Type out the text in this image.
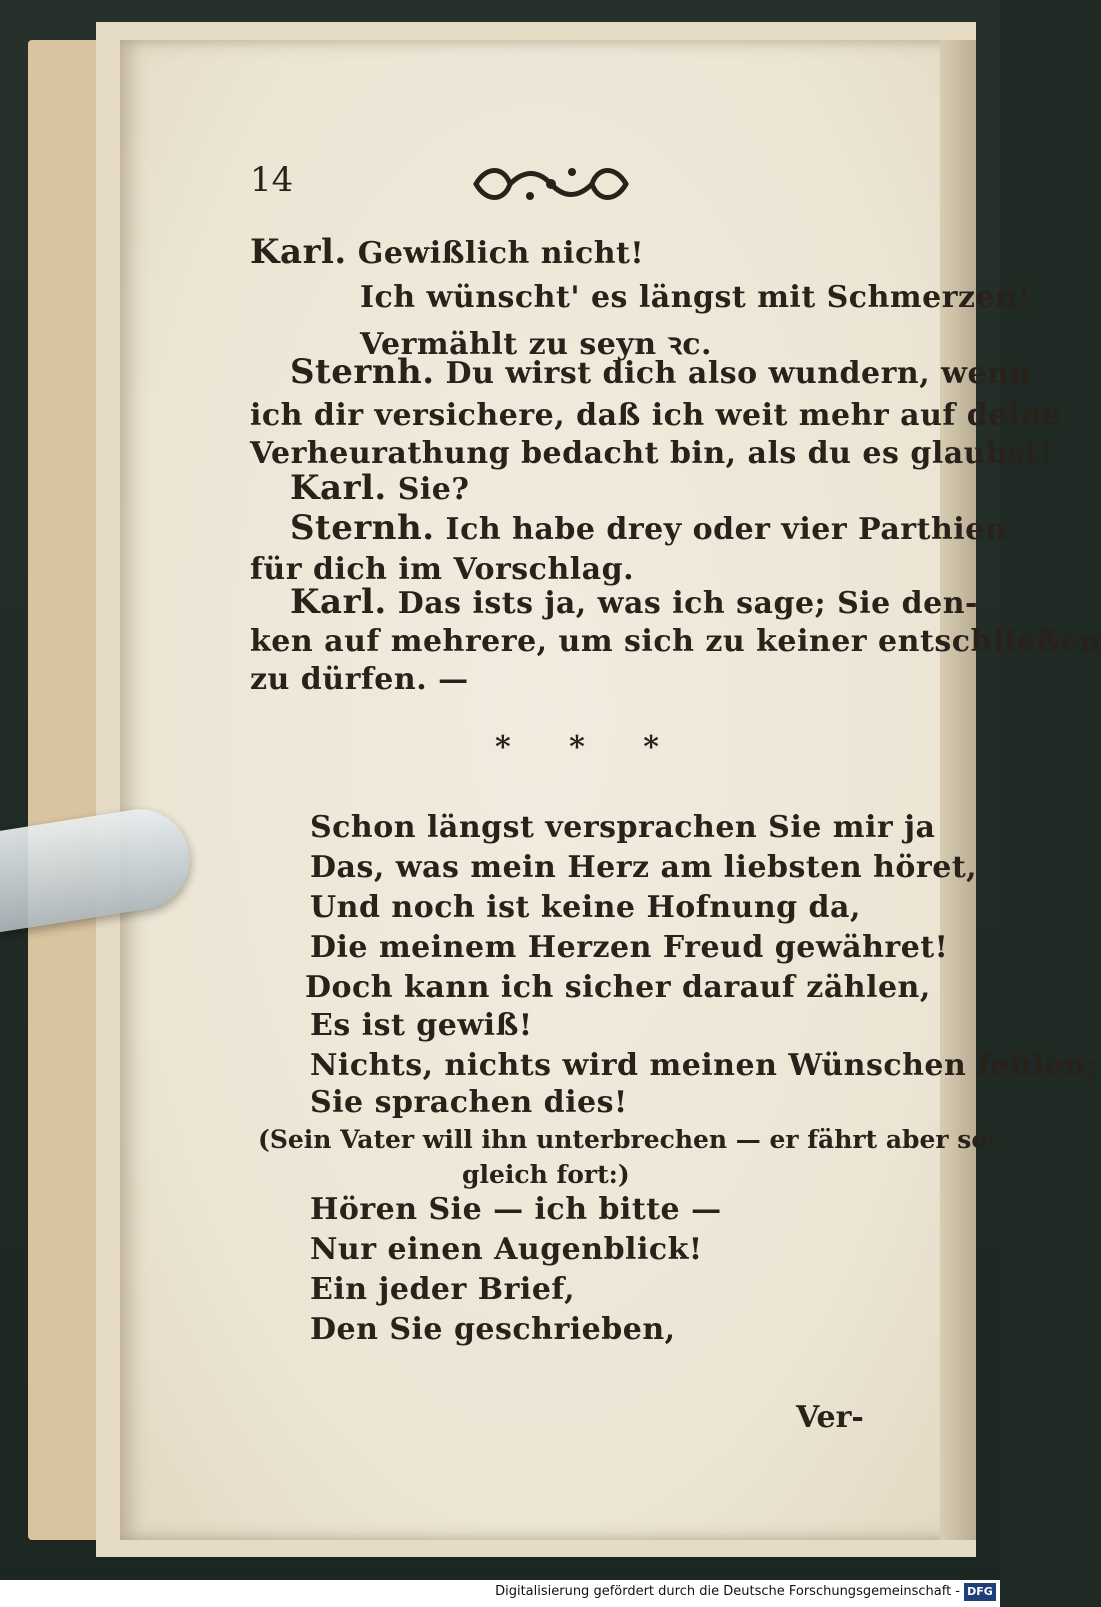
14
Karl. Gewißlich nicht!
Ich wünscht' es längst mit Schmerzen!
Vermählt zu seyn ꝛc.
Sternh. Du wirst dich also wundern, wenn
ich dir versichere, daß ich weit mehr auf deine
Verheurathung bedacht bin, als du es glaubst!
Karl. Sie?
Sternh. Ich habe drey oder vier Parthien
für dich im Vorschlag.
Karl. Das ists ja, was ich sage; Sie den-
ken auf mehrere, um sich zu keiner entschließen
zu dürfen. —
* * *
Schon längst versprachen Sie mir ja
Das, was mein Herz am liebsten höret,
Und noch ist keine Hofnung da,
Die meinem Herzen Freud gewähret!
Doch kann ich sicher darauf zählen,
Es ist gewiß!
Nichts, nichts wird meinen Wünschen fehlen;
Sie sprachen dies!
(Sein Vater will ihn unterbrechen — er fährt aber so-
gleich fort:)
Hören Sie — ich bitte —
Nur einen Augenblick!
Ein jeder Brief,
Den Sie geschrieben,
Ver-
Digitalisierung gefördert durch die Deutsche Forschungsgemeinschaft - DFG
